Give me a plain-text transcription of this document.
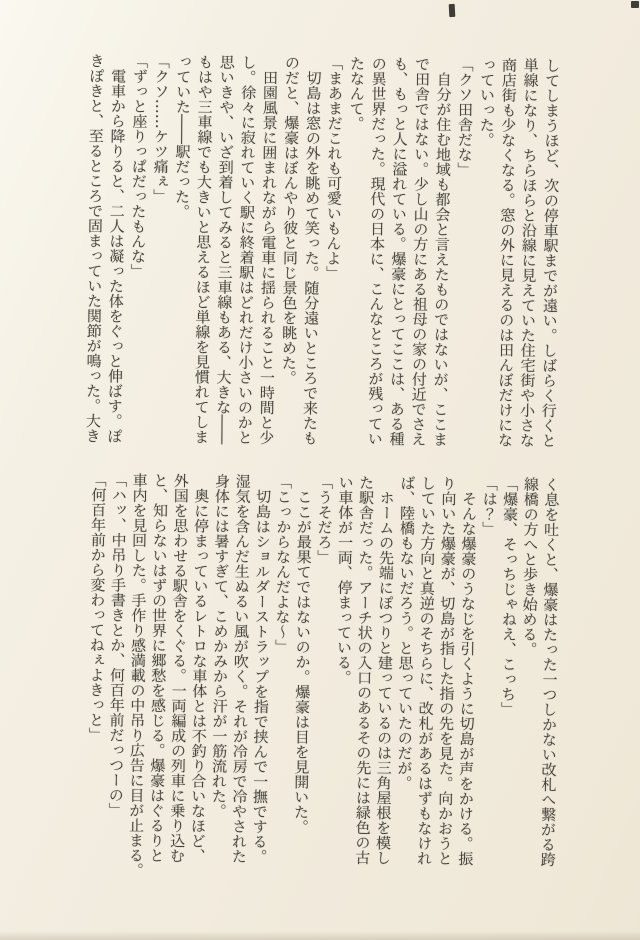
してしまうほど、次の停車駅までが遠い。しばらく行くと
単線になり、ちらほらと沿線に見えていた住宅街や小さな
商店街も少なくなる。窓の外に見えるのは田んぼだけにな
っていった。
「クソ田舎だな」
　自分が住む地域も都会と言えたものではないが、ここま
で田舎ではない。少し山の方にある祖母の家の付近でさえ
も、もっと人に溢れている。爆豪にとってここは、ある種
の異世界だった。現代の日本に、こんなところが残ってい
たなんて。
「まあまだこれも可愛いもんよ」
　切島は窓の外を眺めて笑った。随分遠いところで来たも
のだと、爆豪はぼんやり彼と同じ景色を眺めた。
　田園風景に囲まれながら電車に揺られること一時間と少
し。徐々に寂れていく駅に終着駅はどれだけ小さいのかと
思いきや、いざ到着してみると三車線もある、大きな――
もはや三車線でも大きいと思えるほど単線を見慣れてしま
っていた――駅だった。
「クソ……ケツ痛ぇ」
「ずっと座りっぱだったもんな」
　電車から降りると、二人は凝った体をぐっと伸ばす。ぽ
きぽきと、至るところで固まっていた関節が鳴った。大き
く息を吐くと、爆豪はたった一つしかない改札へ繋がる跨
線橋の方へと歩き始める。
「爆豪、そっちじゃねえ、こっち」
「は？」
　そんな爆豪のうなじを引くように切島が声をかける。振
り向いた爆豪が、切島が指した指の先を見た。向かおうと
していた方向と真逆のそちらに、改札があるはずもなけれ
ば、陸橋もないだろう。と思っていたのだが。
　ホームの先端にぽつりと建っているのは三角屋根を模し
た駅舎だった。アーチ状の入口のあるその先には緑色の古
い車体が一両、停まっている。
「うそだろ」
　ここが最果てではないのか。爆豪は目を見開いた。
「こっからなんだよな〜」
　切島はショルダーストラップを指で挟んで一撫でする。
湿気を含んだ生ぬるい風が吹く。それが冷房で冷やされた
身体には暑すぎて、こめかみから汗が一筋流れた。
　奥に停まっているレトロな車体とは不釣り合いなほど、
外国を思わせる駅舎をくぐる。一両編成の列車に乗り込む
と、知らないはずの世界に郷愁を感じる。爆豪はぐるりと
車内を見回した。手作り感満載の中吊り広告に目が止まる。
「ハッ、中吊り手書きとか、何百年前だっつーの」
「何百年前から変わってねぇよきっと」
